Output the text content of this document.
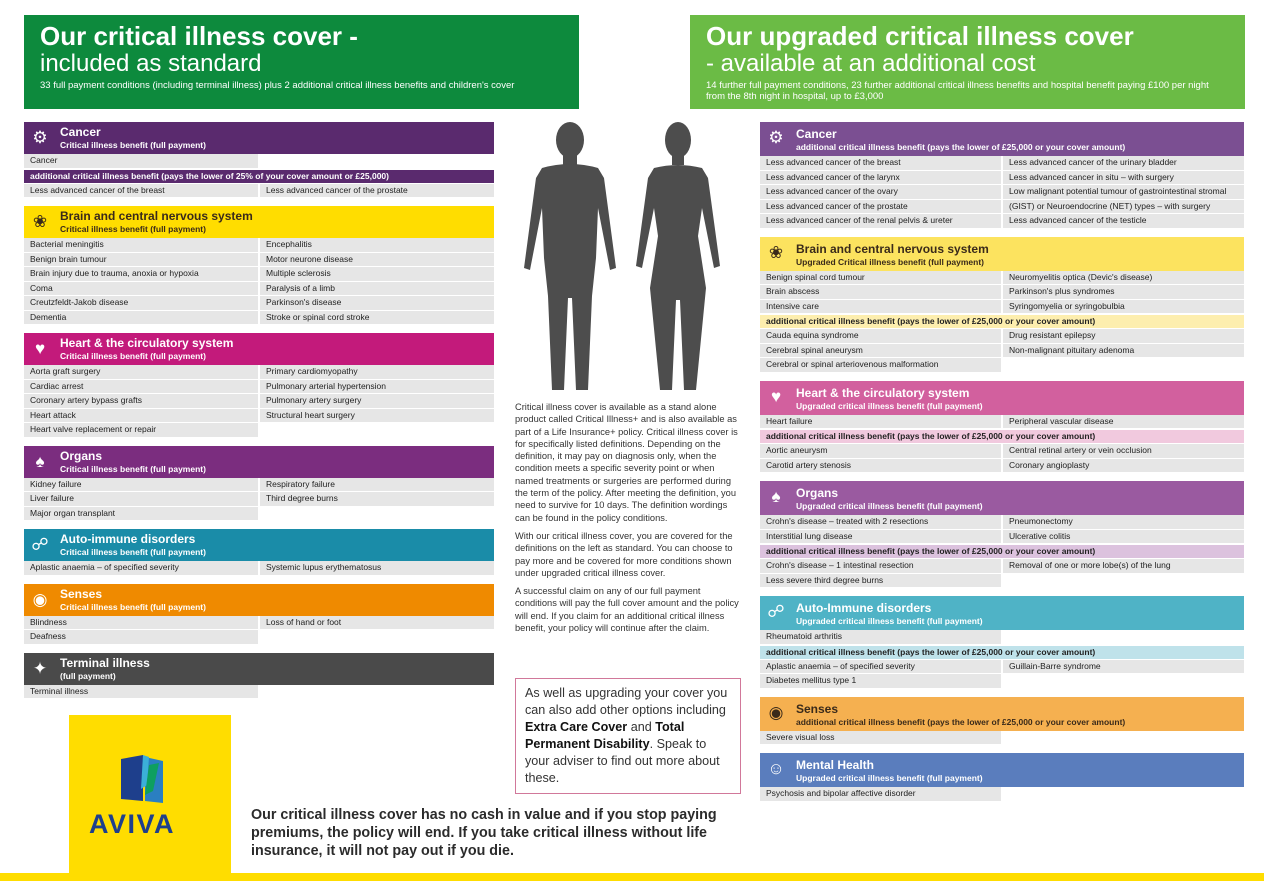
Our critical illness cover -
included as standard
33 full payment conditions (including terminal illness) plus 2 additional critical illness benefits and children's cover
Our upgraded critical illness cover
- available at an additional cost
14 further full payment conditions, 23 further additional critical illness benefits and hospital benefit paying £100 per night from the 8th night in hospital, up to £3,000
⚙	Cancer
Critical illness benefit (full payment)
Cancer
additional critical illness benefit (pays the lower of 25% of your cover amount or £25,000)
Less advanced cancer of the breast	Less advanced cancer of the prostate
❀	Brain and central nervous system
Critical illness benefit (full payment)
Bacterial meningitis	Encephalitis
Benign brain tumour	Motor neurone disease
Brain injury due to trauma, anoxia or hypoxia	Multiple sclerosis
Coma	Paralysis of a limb
Creutzfeldt-Jakob disease	Parkinson's disease
Dementia	Stroke or spinal cord stroke
♥	Heart & the circulatory system
Critical illness benefit (full payment)
Aorta graft surgery	Primary cardiomyopathy
Cardiac arrest	Pulmonary arterial hypertension
Coronary artery bypass grafts	Pulmonary artery surgery
Heart attack	Structural heart surgery
Heart valve replacement or repair
♠	Organs
Critical illness benefit (full payment)
Kidney failure	Respiratory failure
Liver failure	Third degree burns
Major organ transplant
☍ Auto-immune disorders
Critical illness benefit (full payment)
Aplastic anaemia – of specified severity	Systemic lupus erythematosus
◉	Senses
Critical illness benefit (full payment)
Blindness	Loss of hand or foot
Deafness
✦	Terminal illness
(full payment)
Terminal illness
⚙	Cancer
additional critical illness benefit (pays the lower of £25,000 or your cover amount)
Less advanced cancer of the breast	Less advanced cancer of the urinary bladder
Less advanced cancer of the larynx	Less advanced cancer in situ – with surgery
Less advanced cancer of the ovary	Low malignant potential tumour of gastrointestinal stromal
Less advanced cancer of the prostate	(GIST) or Neuroendocrine (NET) types – with surgery
Less advanced cancer of the renal pelvis & ureter	Less advanced cancer of the testicle
❀	Brain and central nervous system
Upgraded Critical illness benefit (full payment)
Benign spinal cord tumour	Neuromyelitis optica (Devic's disease)
Brain abscess	Parkinson's plus syndromes
Intensive care	Syringomyelia or syringobulbia
additional critical illness benefit (pays the lower of £25,000 or your cover amount)
Cauda equina syndrome	Drug resistant epilepsy
Cerebral spinal aneurysm	Non-malignant pituitary adenoma
Cerebral or spinal arteriovenous malformation
♥	Heart & the circulatory system
Upgraded critical illness benefit (full payment)
Heart failure	Peripheral vascular disease
additional critical illness benefit (pays the lower of £25,000 or your cover amount)
Aortic aneurysm	Central retinal artery or vein occlusion
Carotid artery stenosis	Coronary angioplasty
♠	Organs
Upgraded critical illness benefit (full payment)
Crohn's disease – treated with 2 resections	Pneumonectomy
Interstitial lung disease	Ulcerative colitis
additional critical illness benefit (pays the lower of £25,000 or your cover amount)
Crohn's disease – 1 intestinal resection	Removal of one or more lobe(s) of the lung
Less severe third degree burns
☍ Auto-Immune disorders
Upgraded critical illness benefit (full payment)
Rheumatoid arthritis
additional critical illness benefit (pays the lower of £25,000 or your cover amount)
Aplastic anaemia – of specified severity	Guillain-Barre syndrome
Diabetes mellitus type 1
◉	Senses
additional critical illness benefit (pays the lower of £25,000 or your cover amount)
Severe visual loss
☺ Mental Health
Upgraded critical illness benefit (full payment)
Psychosis and bipolar affective disorder

Critical illness cover is available as a stand alone product called Critical Illness+ and is also available as part of a Life Insurance+ policy. Critical illness cover is for specifically listed definitions. Depending on the definition, it may pay on diagnosis only, when the condition meets a specific severity point or when named treatments or surgeries are performed during the term of the policy. After meeting the definition, you need to survive for 10 days. The definition wordings can be found in the policy conditions.

With our critical illness cover, you are covered for the definitions on the left as standard. You can choose to pay more and be covered for more conditions shown under upgraded critical illness cover.

A successful claim on any of our full payment conditions will pay the full cover amount and the policy will end. If you claim for an additional critical illness benefit, your policy will continue after the claim.

As well as upgrading your cover you can also add other options including Extra Care Cover and Total Permanent Disability. Speak to your adviser to find out more about these.
AVIVA	Our critical illness cover has no cash in value and if you stop paying premiums, the policy will end. If you take critical illness without life insurance, it will not pay out if you die.
